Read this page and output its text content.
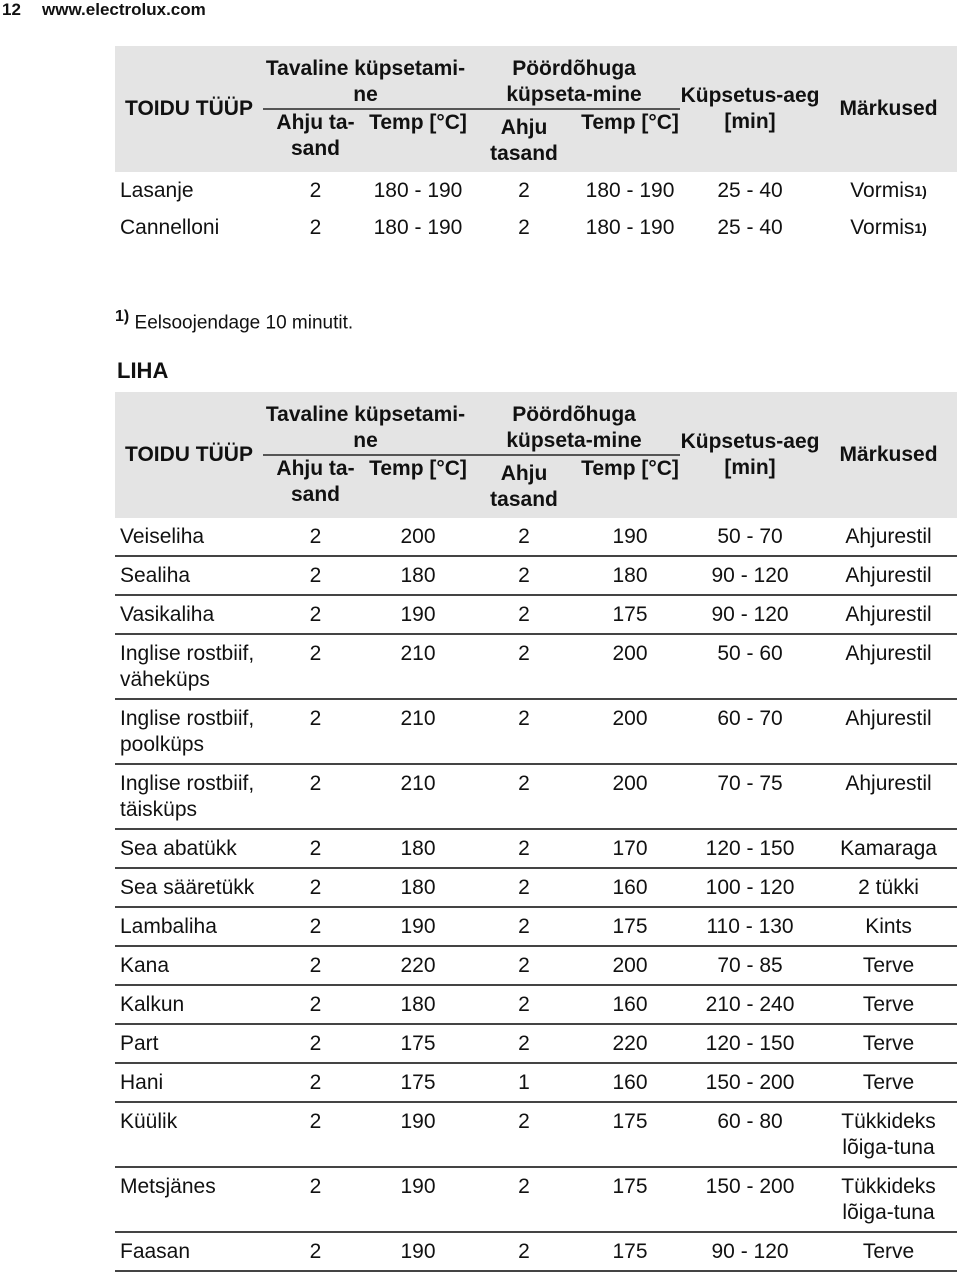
12 www.electrolux.com
TOIDU TÜÜP	Tavaline küpsetami-ne		Pöördõhuga küpseta-mine		Küpsetus-aeg [min]	Märkused
	Ahju ta-sand	Temp [°C]	Ahju tasand	Temp [°C]		
Lasanje	2	180 - 190	2	180 - 190	25 - 40	Vormis$^{1)}$
Cannelloni	2	180 - 190	2	180 - 190	25 - 40	Vormis$^{1)}$
$^{1)}$ Eelsoojendage 10 minutit.
LIHA
TOIDU TÜÜP	Tavaline küpsetami-ne		Pöördõhuga küpseta-mine		Küpsetus-aeg [min]	Märkused
	Ahju ta-sand	Temp [°C]	Ahju tasand	Temp [°C]		
Veiseliha	2	200	2	190	50 - 70	Ahjurestil
Sealiha	2	180	2	180	90 - 120	Ahjurestil
Vasikaliha	2	190	2	175	90 - 120	Ahjurestil
Inglise rostbiif, väheküps	2	210	2	200	50 - 60	Ahjurestil
Inglise rostbiif, poolküps	2	210	2	200	60 - 70	Ahjurestil
Inglise rostbiif, täisküps	2	210	2	200	70 - 75	Ahjurestil
Sea abatükk	2	180	2	170	120 - 150	Kamaraga
Sea sääretükk	2	180	2	160	100 - 120	2 tükki
Lambaliha	2	190	2	175	110 - 130	Kints
Kana	2	220	2	200	70 - 85	Terve
Kalkun	2	180	2	160	210 - 240	Terve
Part	2	175	2	220	120 - 150	Terve
Hani	2	175	1	160	150 - 200	Terve
Küülik	2	190	2	175	60 - 80	Tükkideks lõiga-tuna
Metsjänes	2	190	2	175	150 - 200	Tükkideks lõiga-tuna
Faasan	2	190	2	175	90 - 120	Terve
